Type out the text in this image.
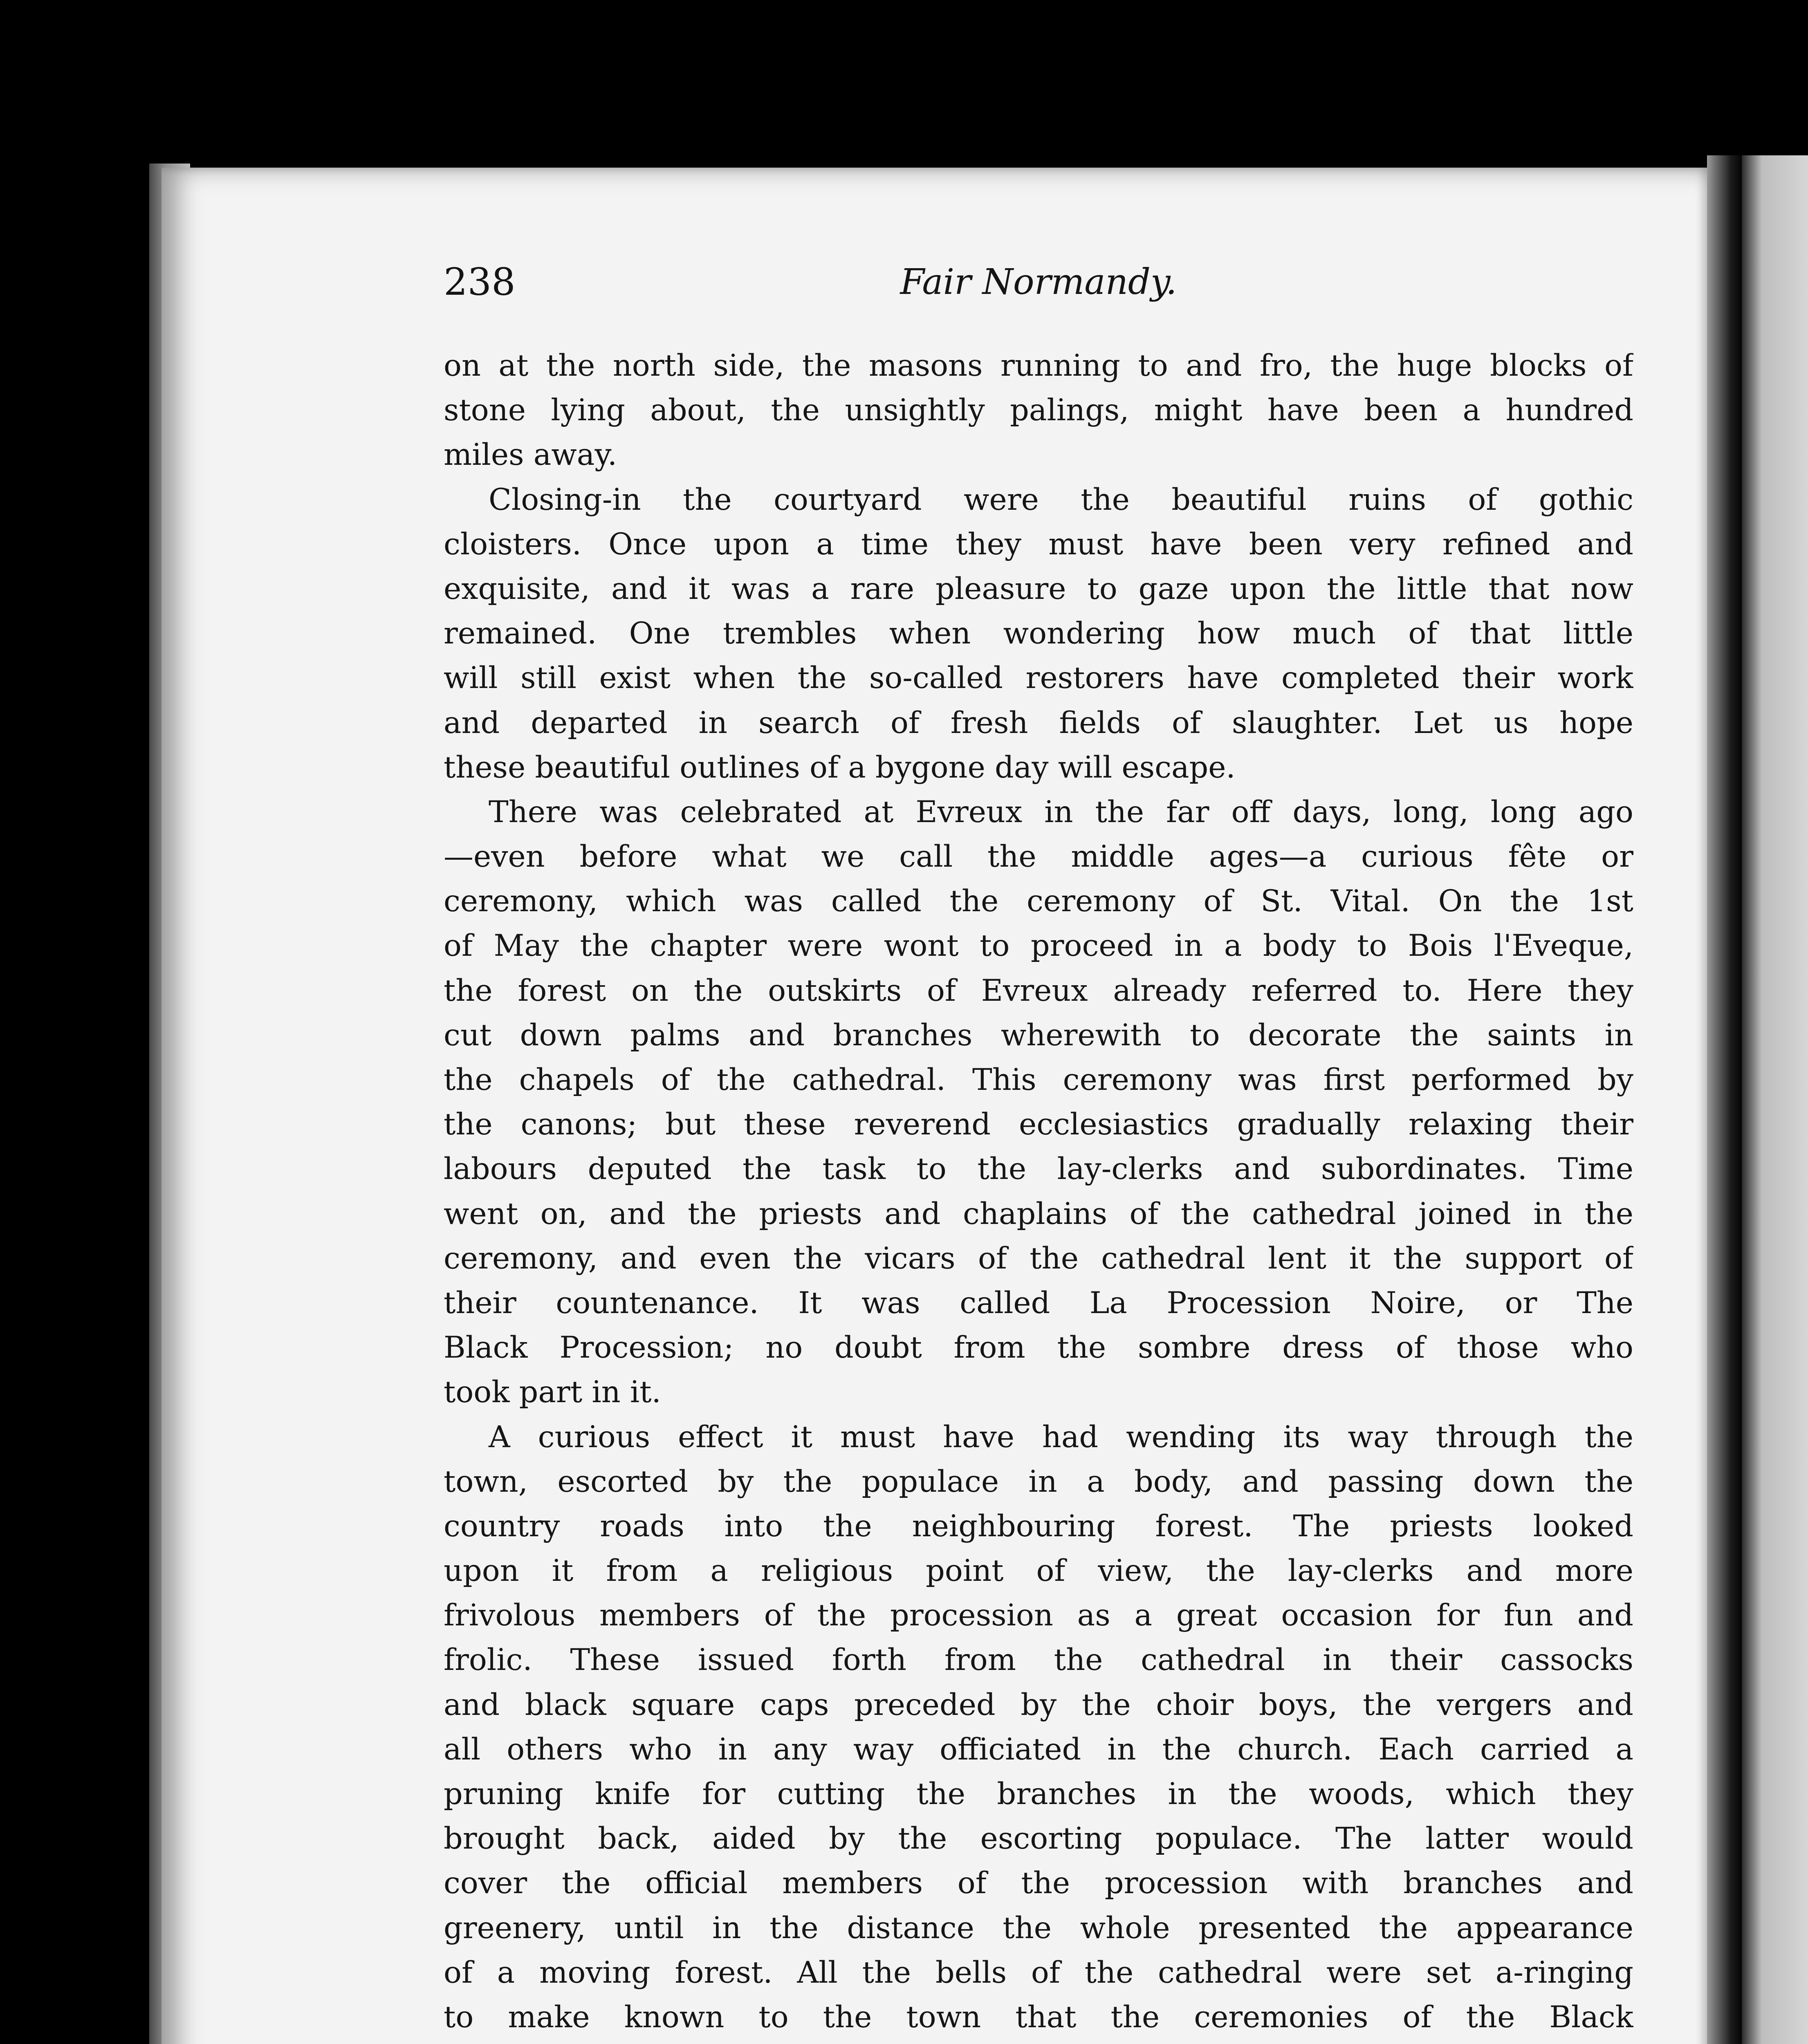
238	Fair Normandy.
on at the north side, the masons running to and fro, the huge blocks of
stone lying about, the unsightly palings, might have been a hundred
miles away.
Closing-in the courtyard were the beautiful ruins of gothic
cloisters. Once upon a time they must have been very refined and
exquisite, and it was a rare pleasure to gaze upon the little that now
remained. One trembles when wondering how much of that little
will still exist when the so-called restorers have completed their work
and departed in search of fresh fields of slaughter. Let us hope
these beautiful outlines of a bygone day will escape.
There was celebrated at Evreux in the far off days, long, long ago
—even before what we call the middle ages—a curious fête or
ceremony, which was called the ceremony of St. Vital. On the 1st
of May the chapter were wont to proceed in a body to Bois l'Eveque,
the forest on the outskirts of Evreux already referred to. Here they
cut down palms and branches wherewith to decorate the saints in
the chapels of the cathedral. This ceremony was first performed by
the canons; but these reverend ecclesiastics gradually relaxing their
labours deputed the task to the lay-clerks and subordinates. Time
went on, and the priests and chaplains of the cathedral joined in the
ceremony, and even the vicars of the cathedral lent it the support of
their countenance. It was called La Procession Noire, or The
Black Procession; no doubt from the sombre dress of those who
took part in it.
A curious effect it must have had wending its way through the
town, escorted by the populace in a body, and passing down the
country roads into the neighbouring forest. The priests looked
upon it from a religious point of view, the lay-clerks and more
frivolous members of the procession as a great occasion for fun and
frolic. These issued forth from the cathedral in their cassocks
and black square caps preceded by the choir boys, the vergers and
all others who in any way officiated in the church. Each carried a
pruning knife for cutting the branches in the woods, which they
brought back, aided by the escorting populace. The latter would
cover the official members of the procession with branches and
greenery, until in the distance the whole presented the appearance
of a moving forest. All the bells of the cathedral were set a-ringing
to make known to the town that the ceremonies of the Black
